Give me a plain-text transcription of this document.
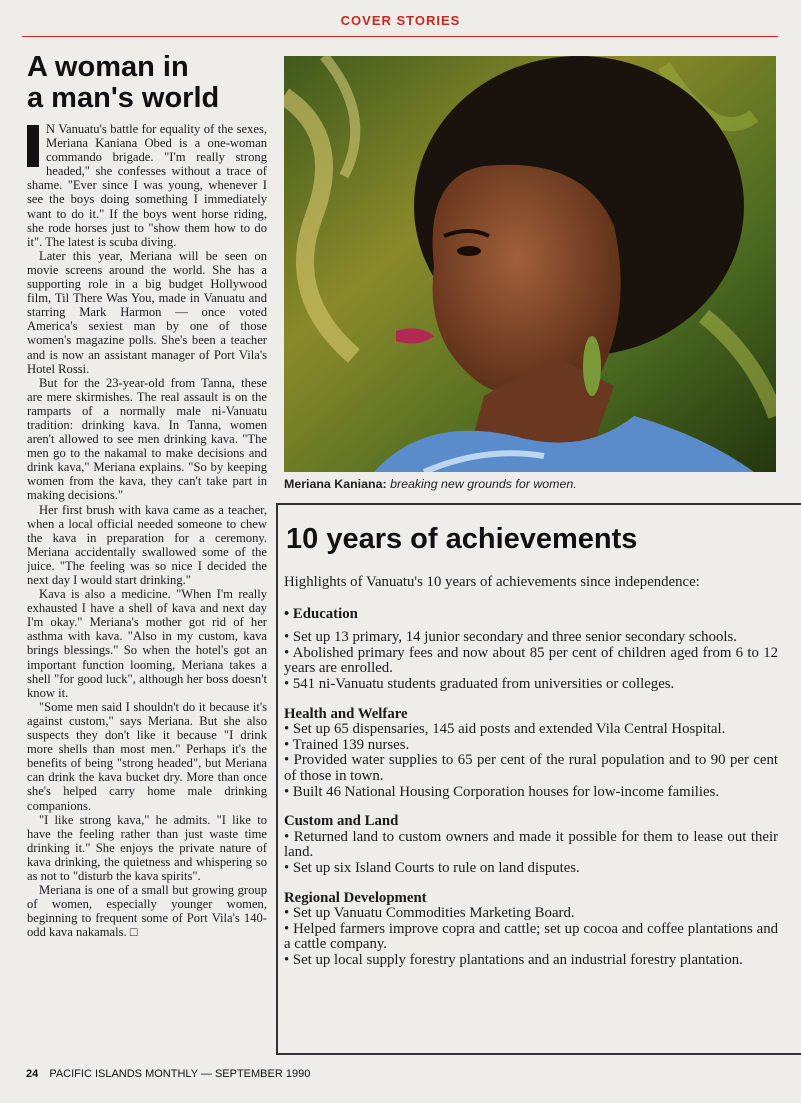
COVER STORIES
A woman in
a man's world

N Vanuatu's battle for equality of the sexes, Meriana Kaniana Obed is a one-woman commando brigade. "I'm really strong headed," she confesses without a trace of shame. "Ever since I was young, whenever I see the boys doing something I immediately want to do it." If the boys went horse riding, she rode horses just to "show them how to do it". The latest is scuba diving.

Later this year, Meriana will be seen on movie screens around the world. She has a supporting role in a big budget Hollywood film, Til There Was You, made in Vanuatu and starring Mark Harmon — once voted America's sexiest man by one of those women's magazine polls. She's been a teacher and is now an assistant manager of Port Vila's Hotel Rossi.

But for the 23-year-old from Tanna, these are mere skirmishes. The real assault is on the ramparts of a normally male ni-Vanuatu tradition: drinking kava. In Tanna, women aren't allowed to see men drinking kava. "The men go to the nakamal to make decisions and drink kava," Meriana explains. "So by keeping women from the kava, they can't take part in making decisions."

Her first brush with kava came as a teacher, when a local official needed someone to chew the kava in preparation for a ceremony. Meriana accidentally swallowed some of the juice. "The feeling was so nice I decided the next day I would start drinking."

Kava is also a medicine. "When I'm really exhausted I have a shell of kava and next day I'm okay." Meriana's mother got rid of her asthma with kava. "Also in my custom, kava brings blessings." So when the hotel's got an important function looming, Meriana takes a shell "for good luck", although her boss doesn't know it.

"Some men said I shouldn't do it because it's against custom," says Meriana. But she also suspects they don't like it because "I drink more shells than most men." Perhaps it's the benefits of being "strong headed", but Meriana can drink the kava bucket dry. More than once she's helped carry home male drinking companions.

"I like strong kava," he admits. "I like to have the feeling rather than just waste time drinking it." She enjoys the private nature of kava drinking, the quietness and whispering so as not to "disturb the kava spirits".

Meriana is one of a small but growing group of women, especially younger women, beginning to frequent some of Port Vila's 140-odd kava nakamals. □

Meriana Kaniana: breaking new grounds for women.
10 years of achievements

Highlights of Vanuatu's 10 years of achievements since independence:

• Education

• Set up 13 primary, 14 junior secondary and three senior secondary schools.

• Abolished primary fees and now about 85 per cent of children aged from 6 to 12 years are enrolled.

• 541 ni-Vanuatu students graduated from universities or colleges.

Health and Welfare

• Set up 65 dispensaries, 145 aid posts and extended Vila Central Hospital.

• Trained 139 nurses.

• Provided water supplies to 65 per cent of the rural population and to 90 per cent of those in town.

• Built 46 National Housing Corporation houses for low-income families.

Custom and Land

• Returned land to custom owners and made it possible for them to lease out their land.

• Set up six Island Courts to rule on land disputes.

Regional Development

• Set up Vanuatu Commodities Marketing Board.

• Helped farmers improve copra and cattle; set up cocoa and coffee plantations and a cattle company.

• Set up local supply forestry plantations and an industrial forestry plantation.

24 PACIFIC ISLANDS MONTHLY — SEPTEMBER 1990
